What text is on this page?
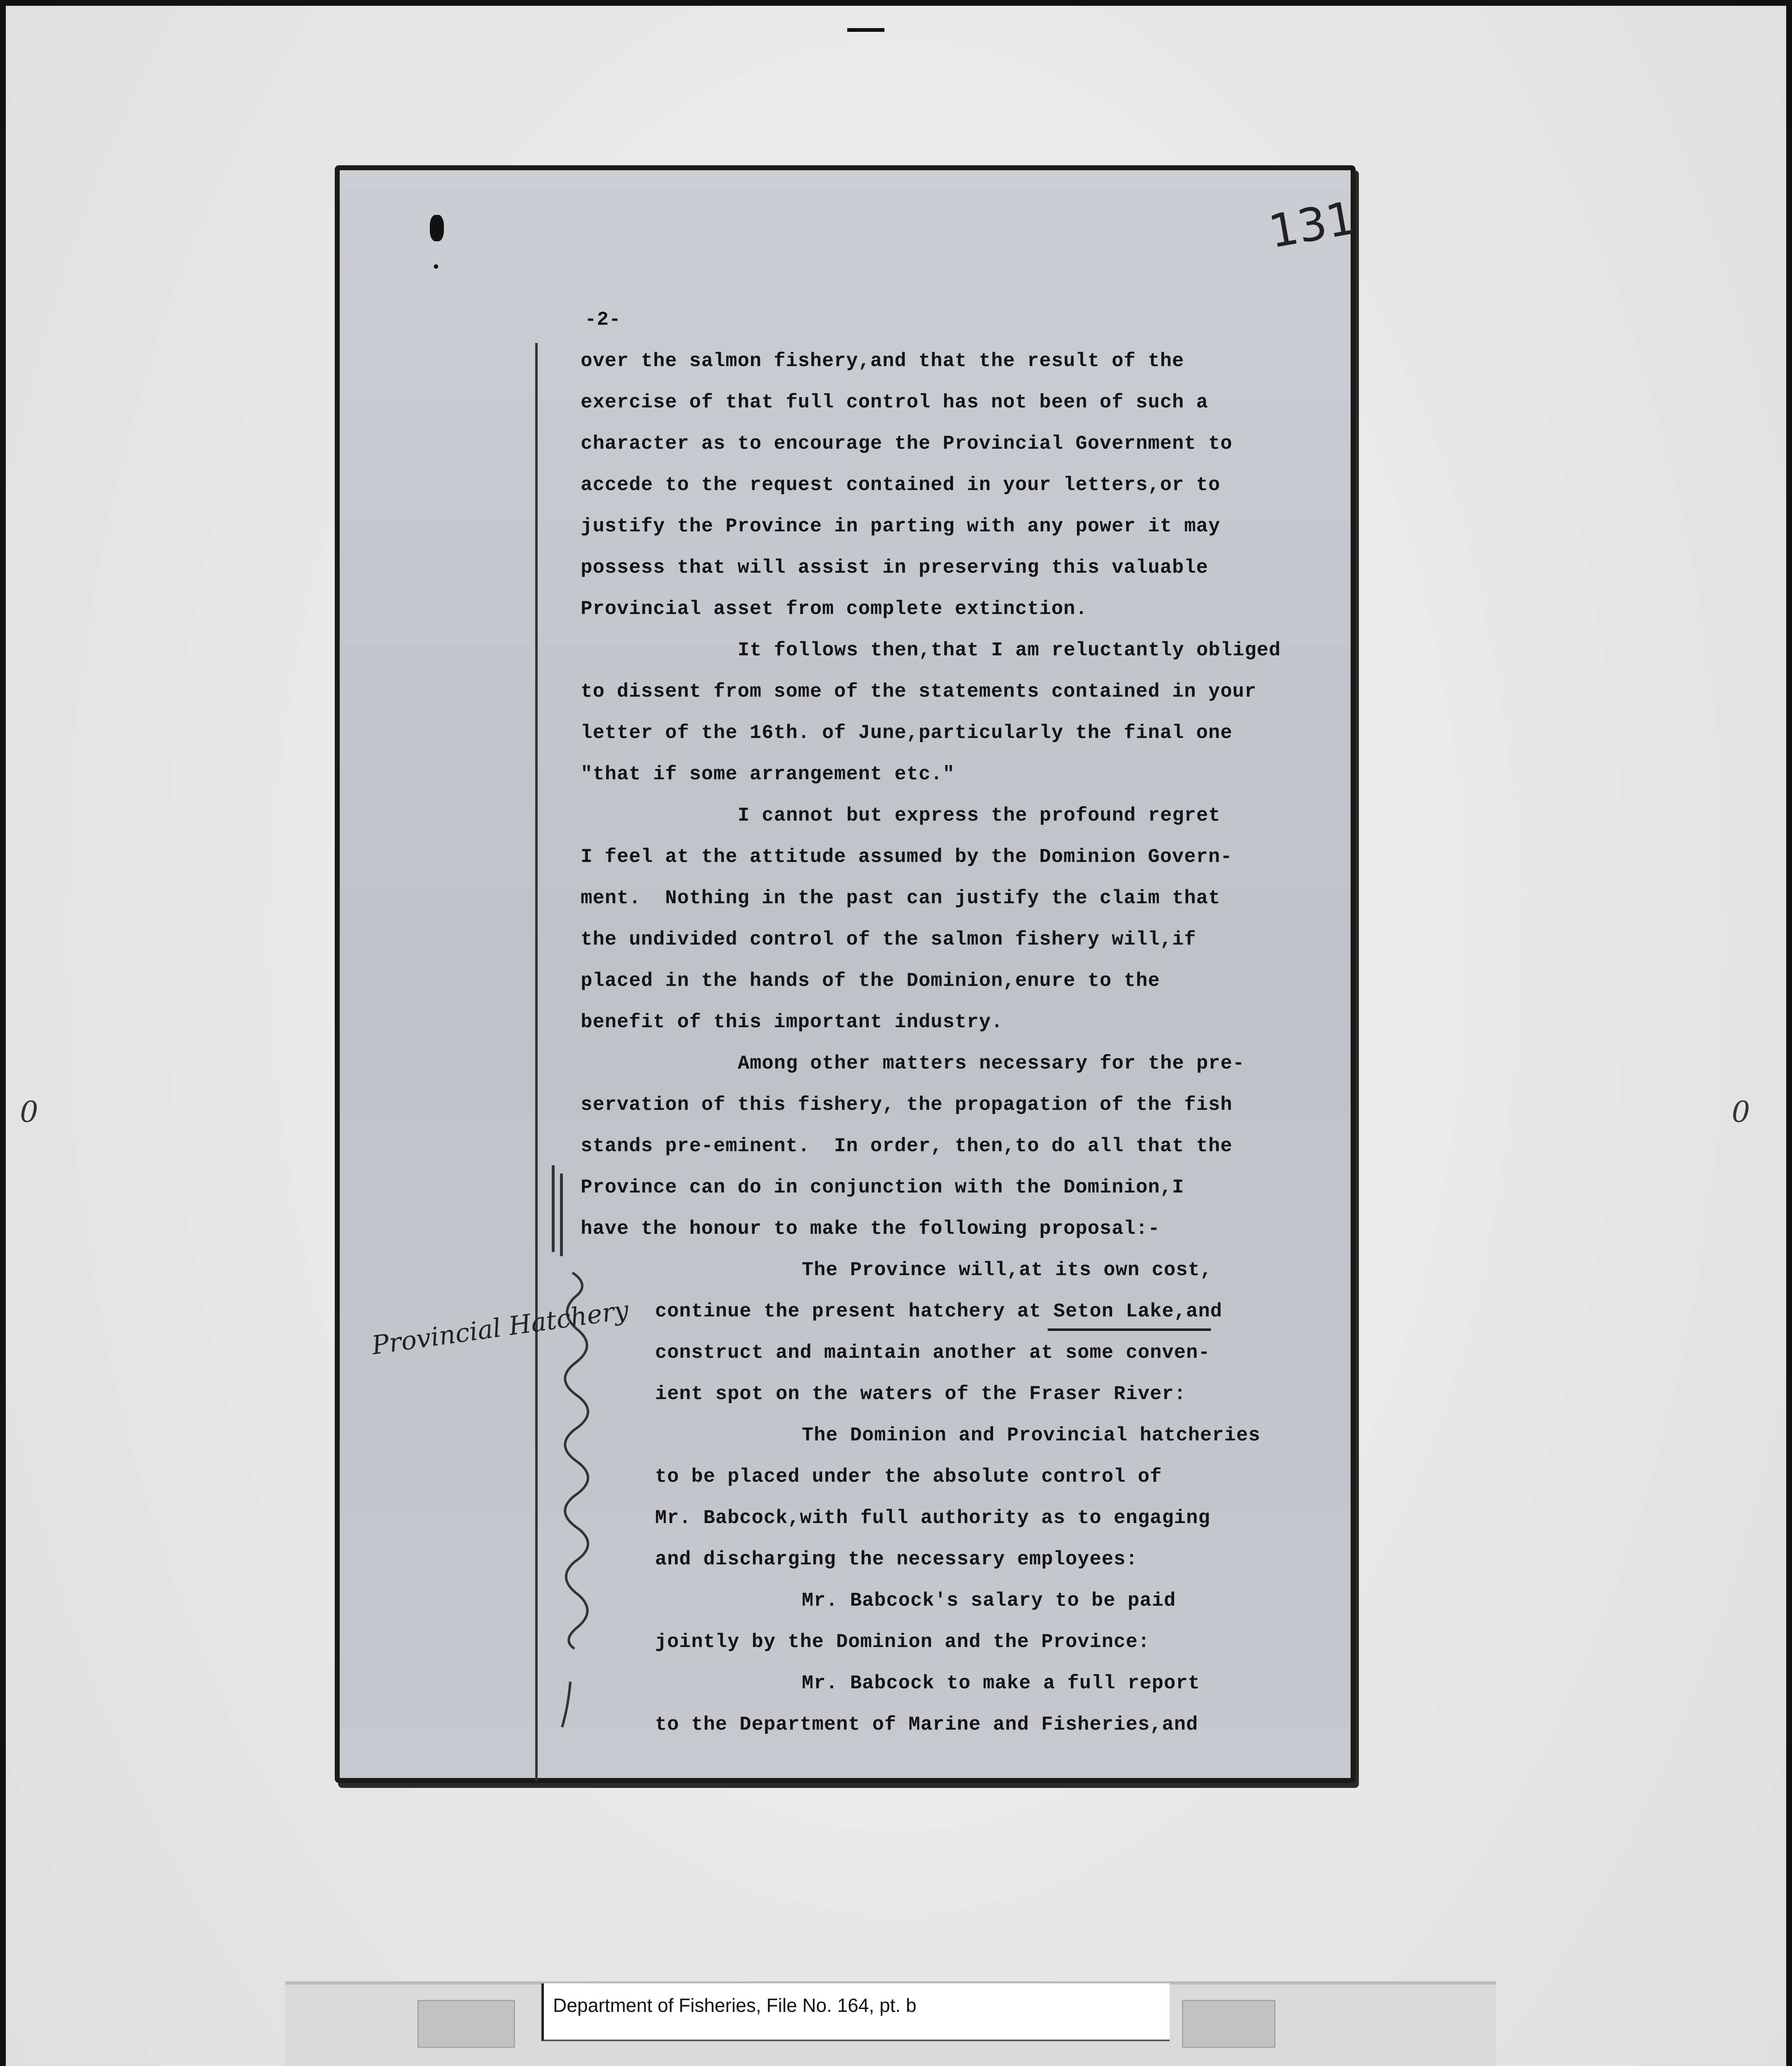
0	0
131
Provincial Hatchery
-2-
over the salmon fishery,and that the result of the
exercise of that full control has not been of such a
character as to encourage the Provincial Government to
accede to the request contained in your letters,or to
justify the Province in parting with any power it may
possess that will assist in preserving this valuable
Provincial asset from complete extinction.
It follows then,that I am reluctantly obliged
to dissent from some of the statements contained in your
letter of the 16th. of June,particularly the final one
"that if some arrangement etc."
I cannot but express the profound regret
I feel at the attitude assumed by the Dominion Govern-
ment.  Nothing in the past can justify the claim that
the undivided control of the salmon fishery will,if
placed in the hands of the Dominion,enure to the
benefit of this important industry.
Among other matters necessary for the pre-
servation of this fishery, the propagation of the fish
stands pre-eminent.  In order, then,to do all that the
Province can do in conjunction with the Dominion,I
have the honour to make the following proposal:-
The Province will,at its own cost,
continue the present hatchery at Seton Lake,and
construct and maintain another at some conven-
ient spot on the waters of the Fraser River:
The Dominion and Provincial hatcheries
to be placed under the absolute control of
Mr. Babcock,with full authority as to engaging
and discharging the necessary employees:
Mr. Babcock's salary to be paid
jointly by the Dominion and the Province:
Mr. Babcock to make a full report
to the Department of Marine and Fisheries,and
Department of Fisheries, File No. 164, pt. b
